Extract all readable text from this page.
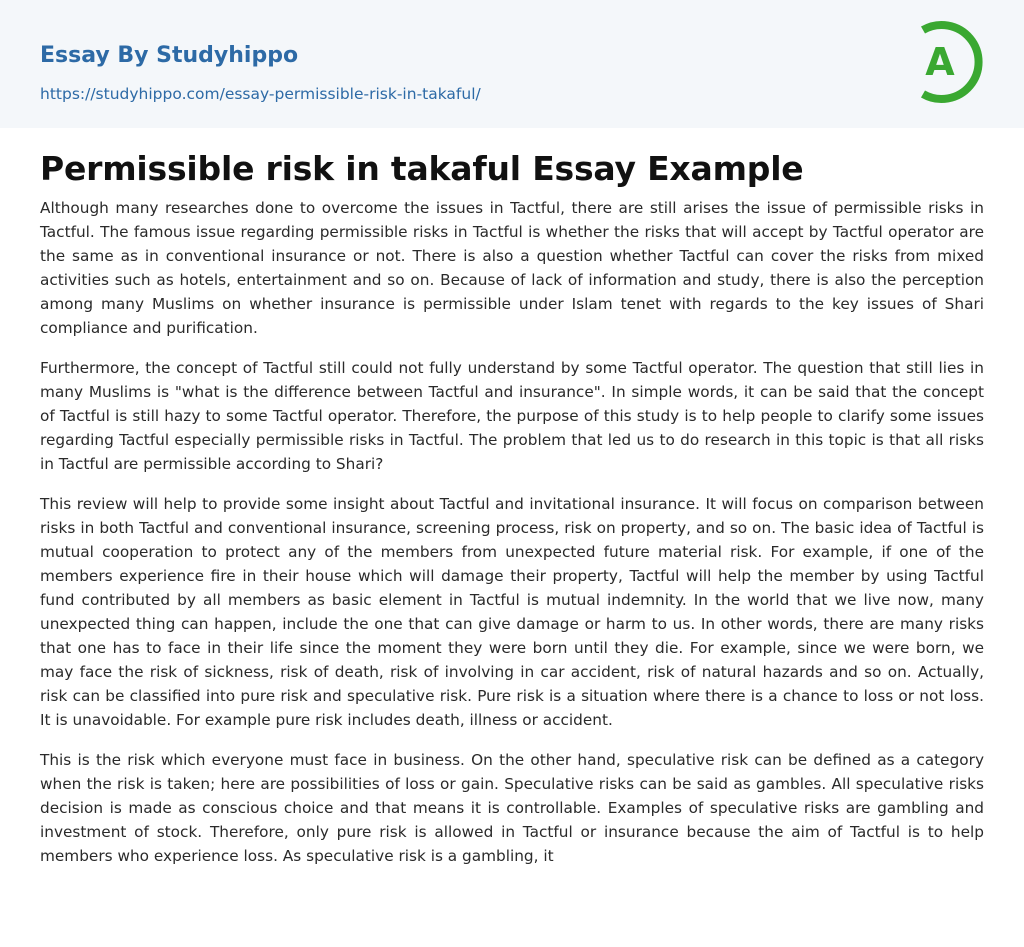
Essay By Studyhippo
https://studyhippo.com/essay-permissible-risk-in-takaful/
A
Permissible risk in takaful Essay Example

Although many researches done to overcome the issues in Tactful, there are still arises the issue of permissible risks in Tactful. The famous issue regarding permissible risks in Tactful is whether the risks that will accept by Tactful operator are the same as in conventional insurance or not. There is also a question whether Tactful can cover the risks from mixed activities such as hotels, entertainment and so on. Because of lack of information and study, there is also the perception among many Muslims on whether insurance is permissible under Islam tenet with regards to the key issues of Shari compliance and purification.

Furthermore, the concept of Tactful still could not fully understand by some Tactful operator. The question that still lies in many Muslims is "what is the difference between Tactful and insurance". In simple words, it can be said that the concept of Tactful is still hazy to some Tactful operator. Therefore, the purpose of this study is to help people to clarify some issues regarding Tactful especially permissible risks in Tactful. The problem that led us to do research in this topic is that all risks in Tactful are permissible according to Shari?

This review will help to provide some insight about Tactful and invitational insurance. It will focus on comparison between risks in both Tactful and conventional insurance, screening process, risk on property, and so on. The basic idea of Tactful is mutual cooperation to protect any of the members from unexpected future material risk. For example, if one of the members experience fire in their house which will damage their property, Tactful will help the member by using Tactful fund contributed by all members as basic element in Tactful is mutual indemnity. In the world that we live now, many unexpected thing can happen, include the one that can give damage or harm to us. In other words, there are many risks that one has to face in their life since the moment they were born until they die. For example, since we were born, we may face the risk of sickness, risk of death, risk of involving in car accident, risk of natural hazards and so on. Actually, risk can be classified into pure risk and speculative risk. Pure risk is a situation where there is a chance to loss or not loss. It is unavoidable. For example pure risk includes death, illness or accident.

This is the risk which everyone must face in business. On the other hand, speculative risk can be defined as a category when the risk is taken; here are possibilities of loss or gain. Speculative risks can be said as gambles. All speculative risks decision is made as conscious choice and that means it is controllable. Examples of speculative risks are gambling and investment of stock. Therefore, only pure risk is allowed in Tactful or insurance because the aim of Tactful is to help members who experience loss. As speculative risk is a gambling, it
